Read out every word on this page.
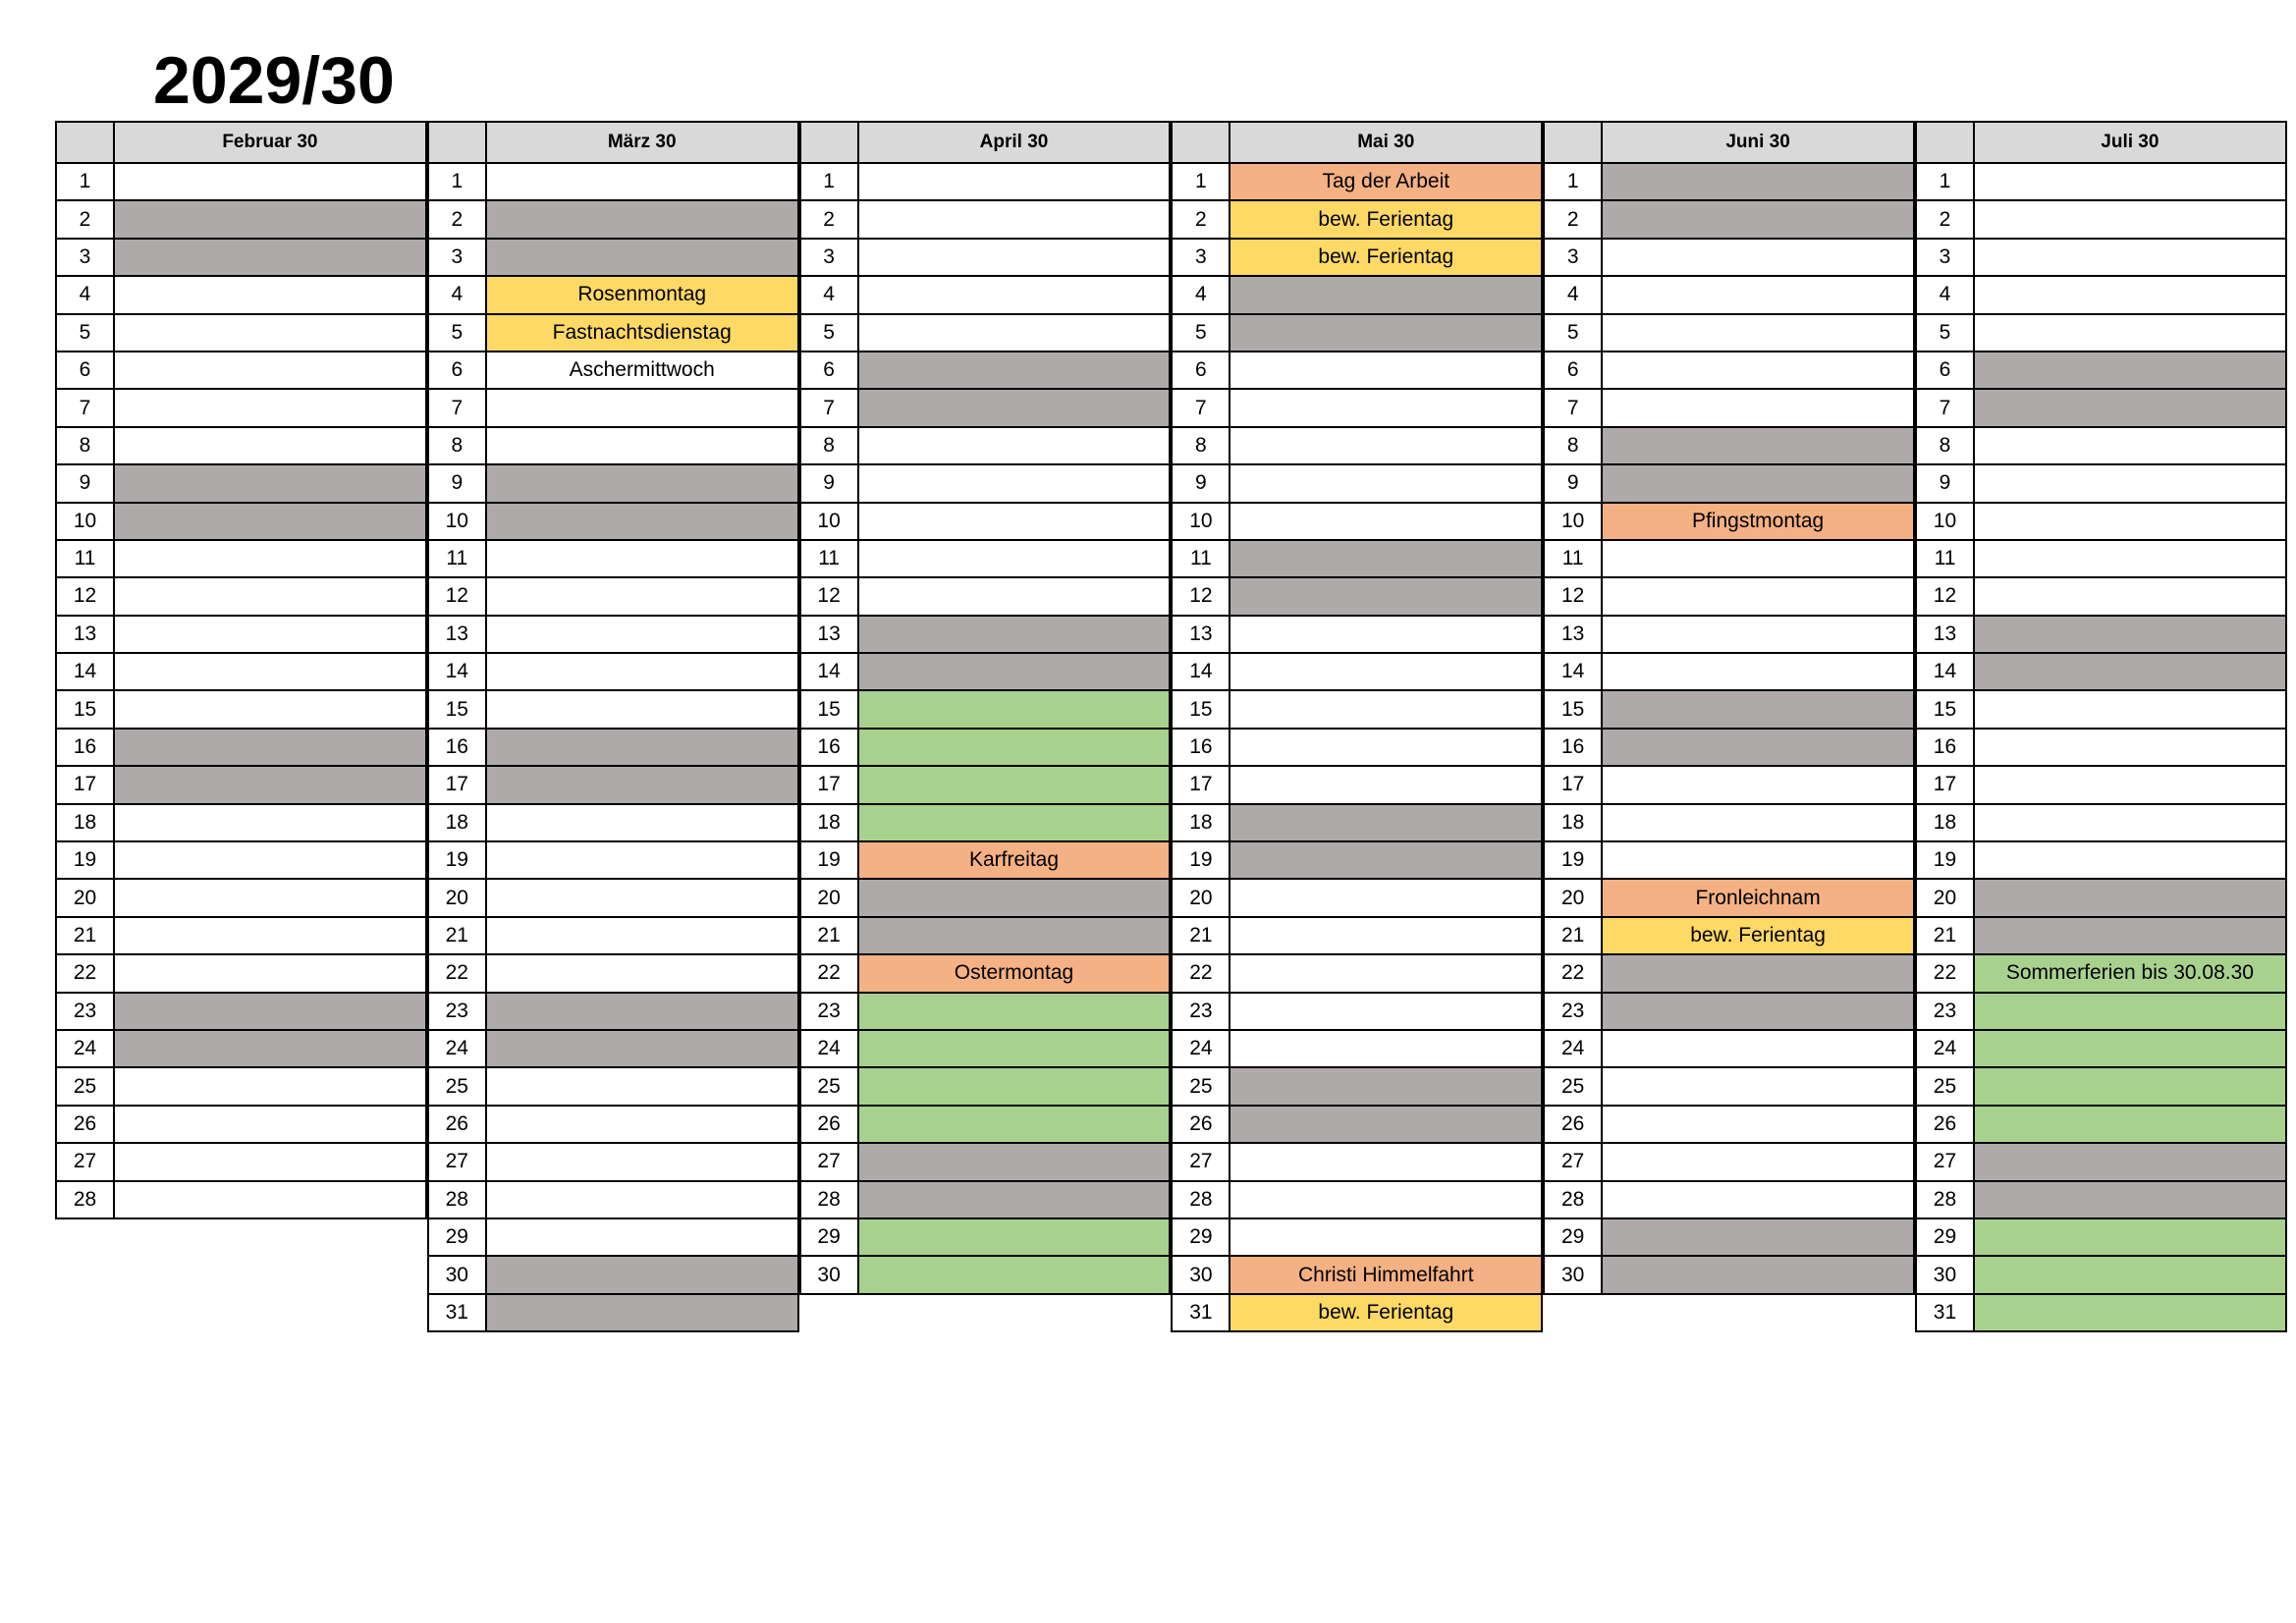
2029/30
	Februar 30
1	
2	
3	
4	
5	
6	
7	
8	
9	
10	
11	
12	
13	
14	
15	
16	
17	
18	
19	
20	
21	
22	
23	
24	
25	
26	
27	
28	
	März 30
1	
2	
3	
4	Rosenmontag
5	Fastnachtsdienstag
6	Aschermittwoch
7	
8	
9	
10	
11	
12	
13	
14	
15	
16	
17	
18	
19	
20	
21	
22	
23	
24	
25	
26	
27	
28	
29	
30	
31	
	April 30
1	
2	
3	
4	
5	
6	
7	
8	
9	
10	
11	
12	
13	
14	
15	
16	
17	
18	
19	Karfreitag
20	
21	
22	Ostermontag
23	
24	
25	
26	
27	
28	
29	
30	
	Mai 30
1	Tag der Arbeit
2	bew. Ferientag
3	bew. Ferientag
4	
5	
6	
7	
8	
9	
10	
11	
12	
13	
14	
15	
16	
17	
18	
19	
20	
21	
22	
23	
24	
25	
26	
27	
28	
29	
30	Christi Himmelfahrt
31	bew. Ferientag
	Juni 30
1	
2	
3	
4	
5	
6	
7	
8	
9	
10	Pfingstmontag
11	
12	
13	
14	
15	
16	
17	
18	
19	
20	Fronleichnam
21	bew. Ferientag
22	
23	
24	
25	
26	
27	
28	
29	
30	
	Juli 30
1	
2	
3	
4	
5	
6	
7	
8	
9	
10	
11	
12	
13	
14	
15	
16	
17	
18	
19	
20	
21	
22	Sommerferien bis 30.08.30
23	
24	
25	
26	
27	
28	
29	
30	
31	
